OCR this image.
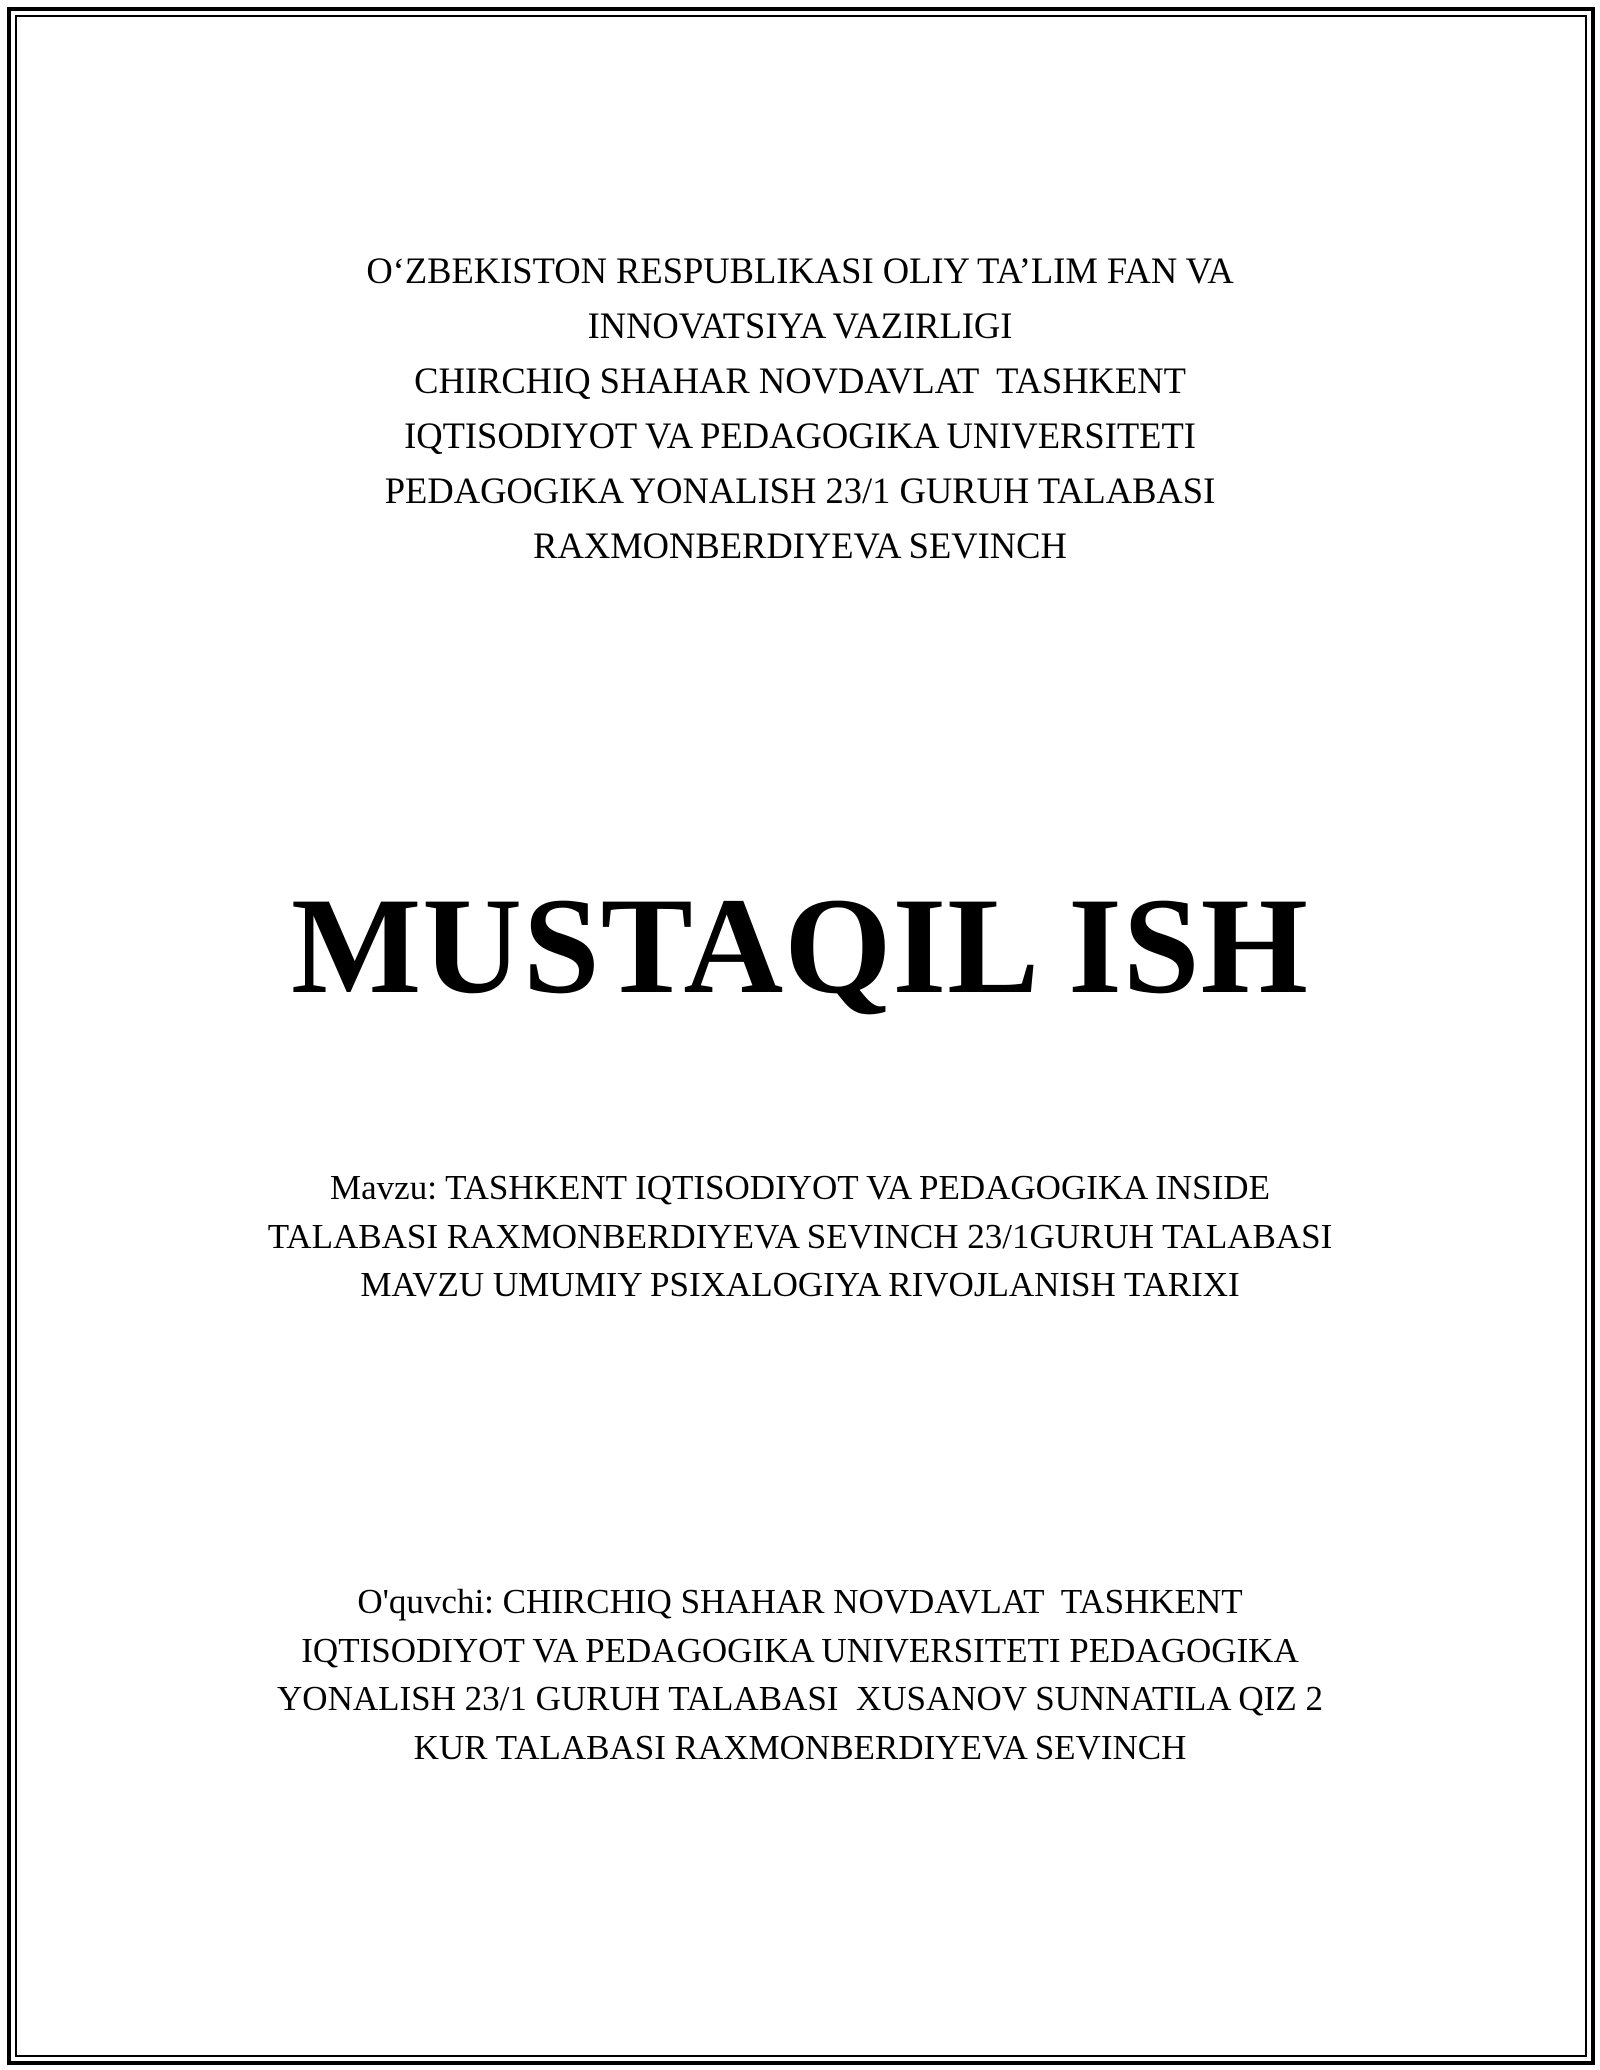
O‘ZBEKISTON RESPUBLIKASI OLIY TA’LIM FAN VA
INNOVATSIYA VAZIRLIGI
CHIRCHIQ SHAHAR NOVDAVLAT  TASHKENT
IQTISODIYOT VA PEDAGOGIKA UNIVERSITETI
PEDAGOGIKA YONALISH 23/1 GURUH TALABASI
RAXMONBERDIYEVA SEVINCH
MUSTAQIL ISH
Mavzu: TASHKENT IQTISODIYOT VA PEDAGOGIKA INSIDE
TALABASI RAXMONBERDIYEVA SEVINCH 23/1GURUH TALABASI
MAVZU UMUMIY PSIXALOGIYA RIVOJLANISH TARIXI
O'quvchi: CHIRCHIQ SHAHAR NOVDAVLAT  TASHKENT
IQTISODIYOT VA PEDAGOGIKA UNIVERSITETI PEDAGOGIKA
YONALISH 23/1 GURUH TALABASI  XUSANOV SUNNATILA QIZ 2
KUR TALABASI RAXMONBERDIYEVA SEVINCH
